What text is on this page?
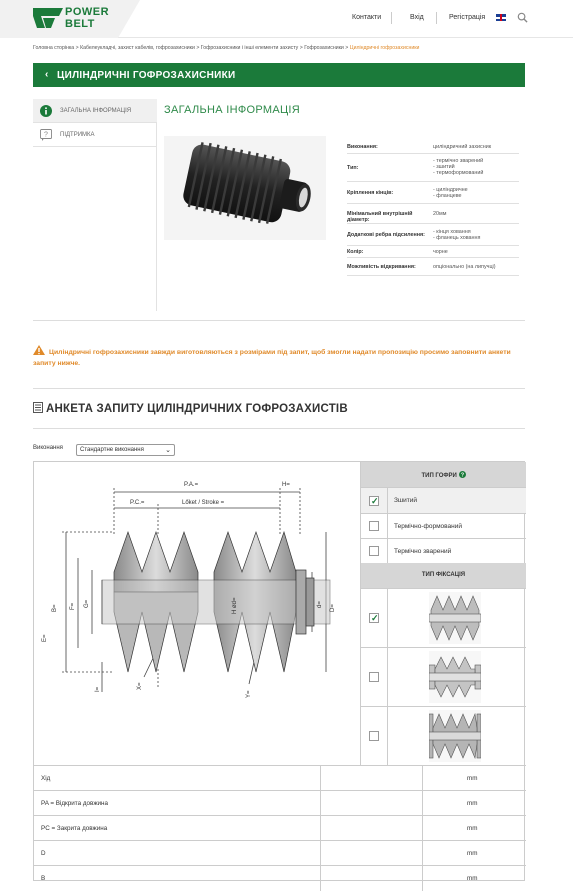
POWER
BELT
Контакти	Вхід	Регістрація
Головна сторінка > Кабелеукладчі, захист кабелів, гофрозахисники > Гофрозахисники і інші елементи захисту > Гофрозахисники > Циліндричні гофрозахисники
‹ ЦИЛІНДРИЧНІ ГОФРОЗАХИСНИКИ
ЗАГАЛЬНА ІНФОРМАЦІЯ
? ПІДТРИМКА
ЗАГАЛЬНА ІНФОРМАЦІЯ
Виконання:	циліндричний захисник
Тип:
- термічно зварений
- зшитий
- термоформований
Кріплення кінців:	- циліндричне
- фланцеве
Мінімальний внутрішній діаметр:
20мм
Додаткові ребра підсилення:	- кінця ховання
- фланець ховання
Колір:	чорне
Можливість відкривання:	опціонально (на липучці)
Циліндричні гофрозахисники завжди виготовляються з розмірами під запит, щоб змогли надати пропозицію просимо заповнити анкети запиту нижче.
АНКЕТА ЗАПИТУ ЦИЛІНДРИЧНИХ ГОФРОЗАХИСТІВ
Виконання	Стандартне виконання	⌄
P.A.=
P.C.=	Lőket / Stroke =
H=
B= F= G=
I=
D=
d=
H ød=
X=
Y=
E=
ТИП ГОФРИ ?
✓ Зшитий
Термічно-формований
Термічно зварений
ТИП ФІКСАЦІЯ
✓
Хід	mm
PA = Відкрита довжина	mm
PC = Закрита довжина	mm
D	mm
B	mm
